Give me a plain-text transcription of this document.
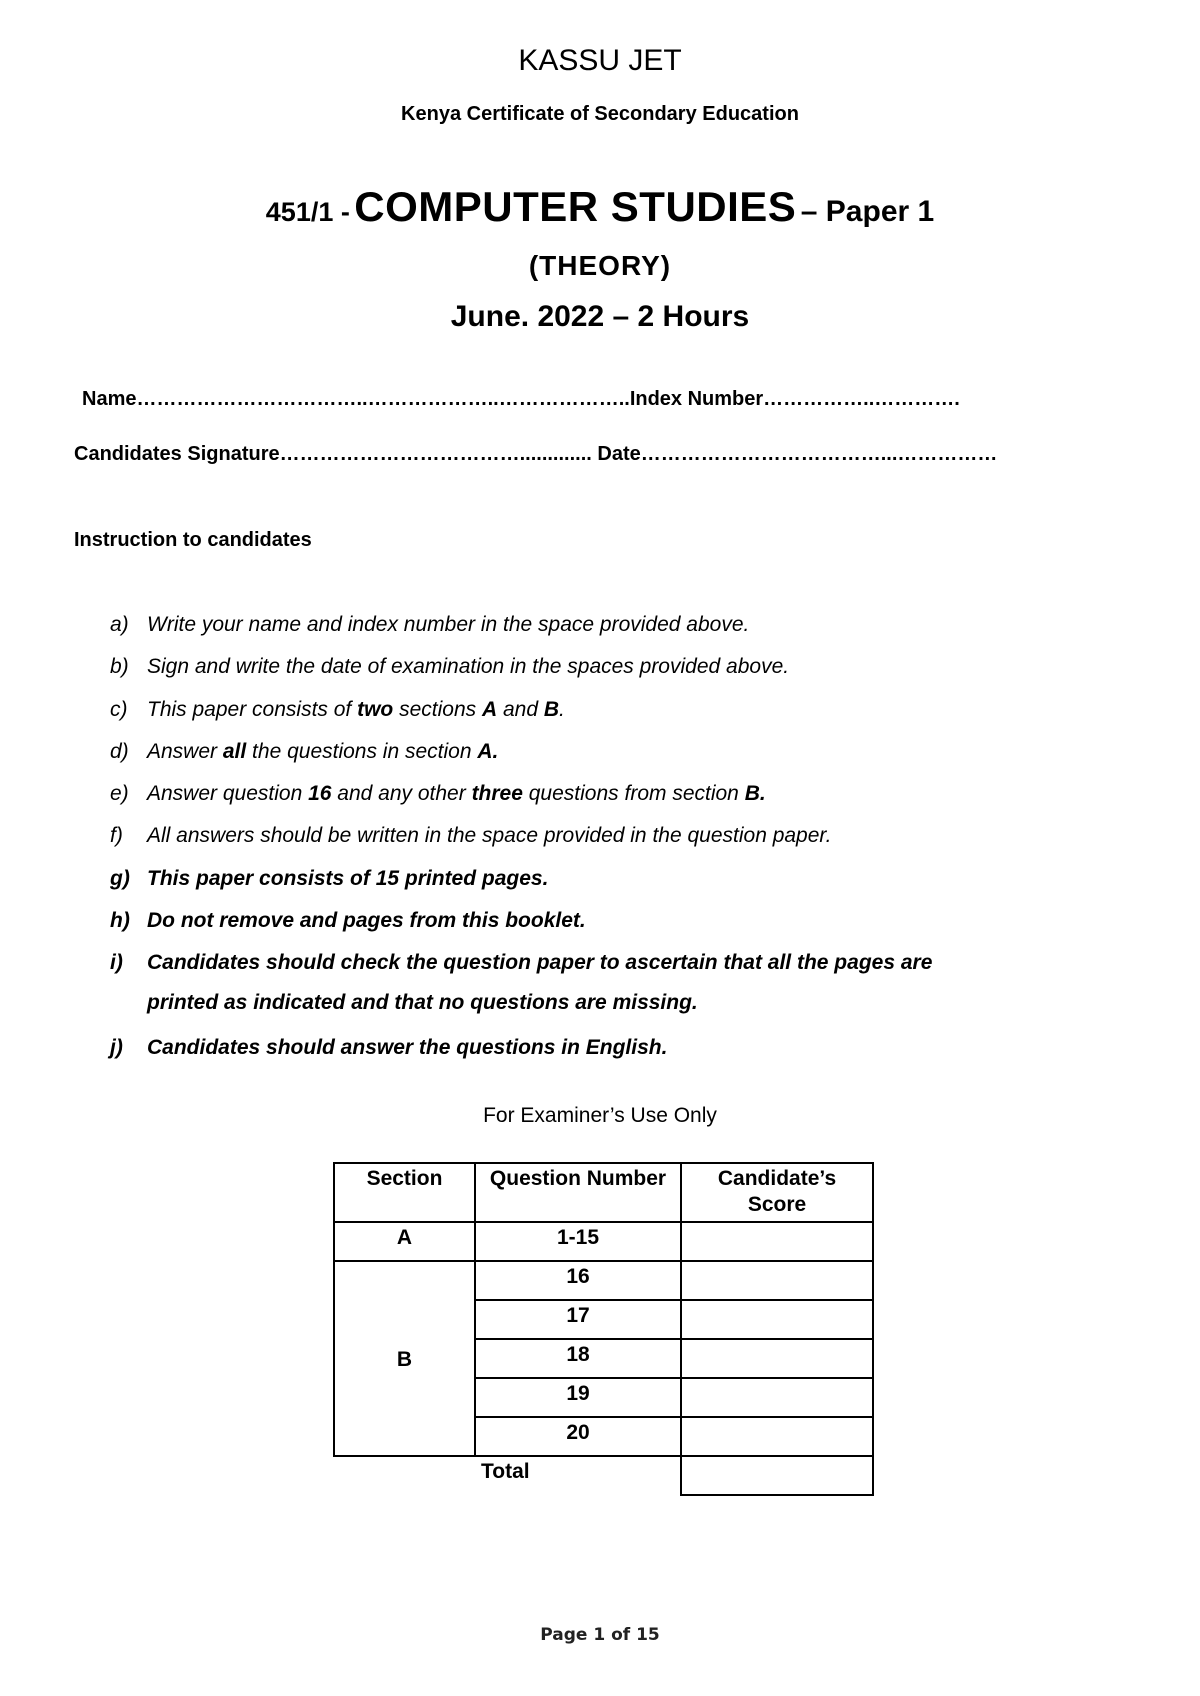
KASSU JET
Kenya Certificate of Secondary Education
451/1 - COMPUTER STUDIES – Paper 1
(THEORY)
June. 2022 – 2 Hours
Name……………………………..………………..………………..Index Number……………..………….
Candidates Signature………………………………............. Date………………………………...……………
Instruction to candidates
a) Write your name and index number in the space provided above.
b) Sign and write the date of examination in the spaces provided above.
c) This paper consists of two sections A and B.
d) Answer all the questions in section A.
e) Answer question 16 and any other three questions from section B.
f) All answers should be written in the space provided in the question paper.
g) This paper consists of 15 printed pages.
h) Do not remove and pages from this booklet.
i) Candidates should check the question paper to ascertain that all the pages are
printed as indicated and that no questions are missing.
j) Candidates should answer the questions in English.
For Examiner’s Use Only
Section	Question Number	Candidate’s Score
A	1-15	
B	16	
	17	
	18	
	19	
	20	
	Total	
Page 1 of 15
